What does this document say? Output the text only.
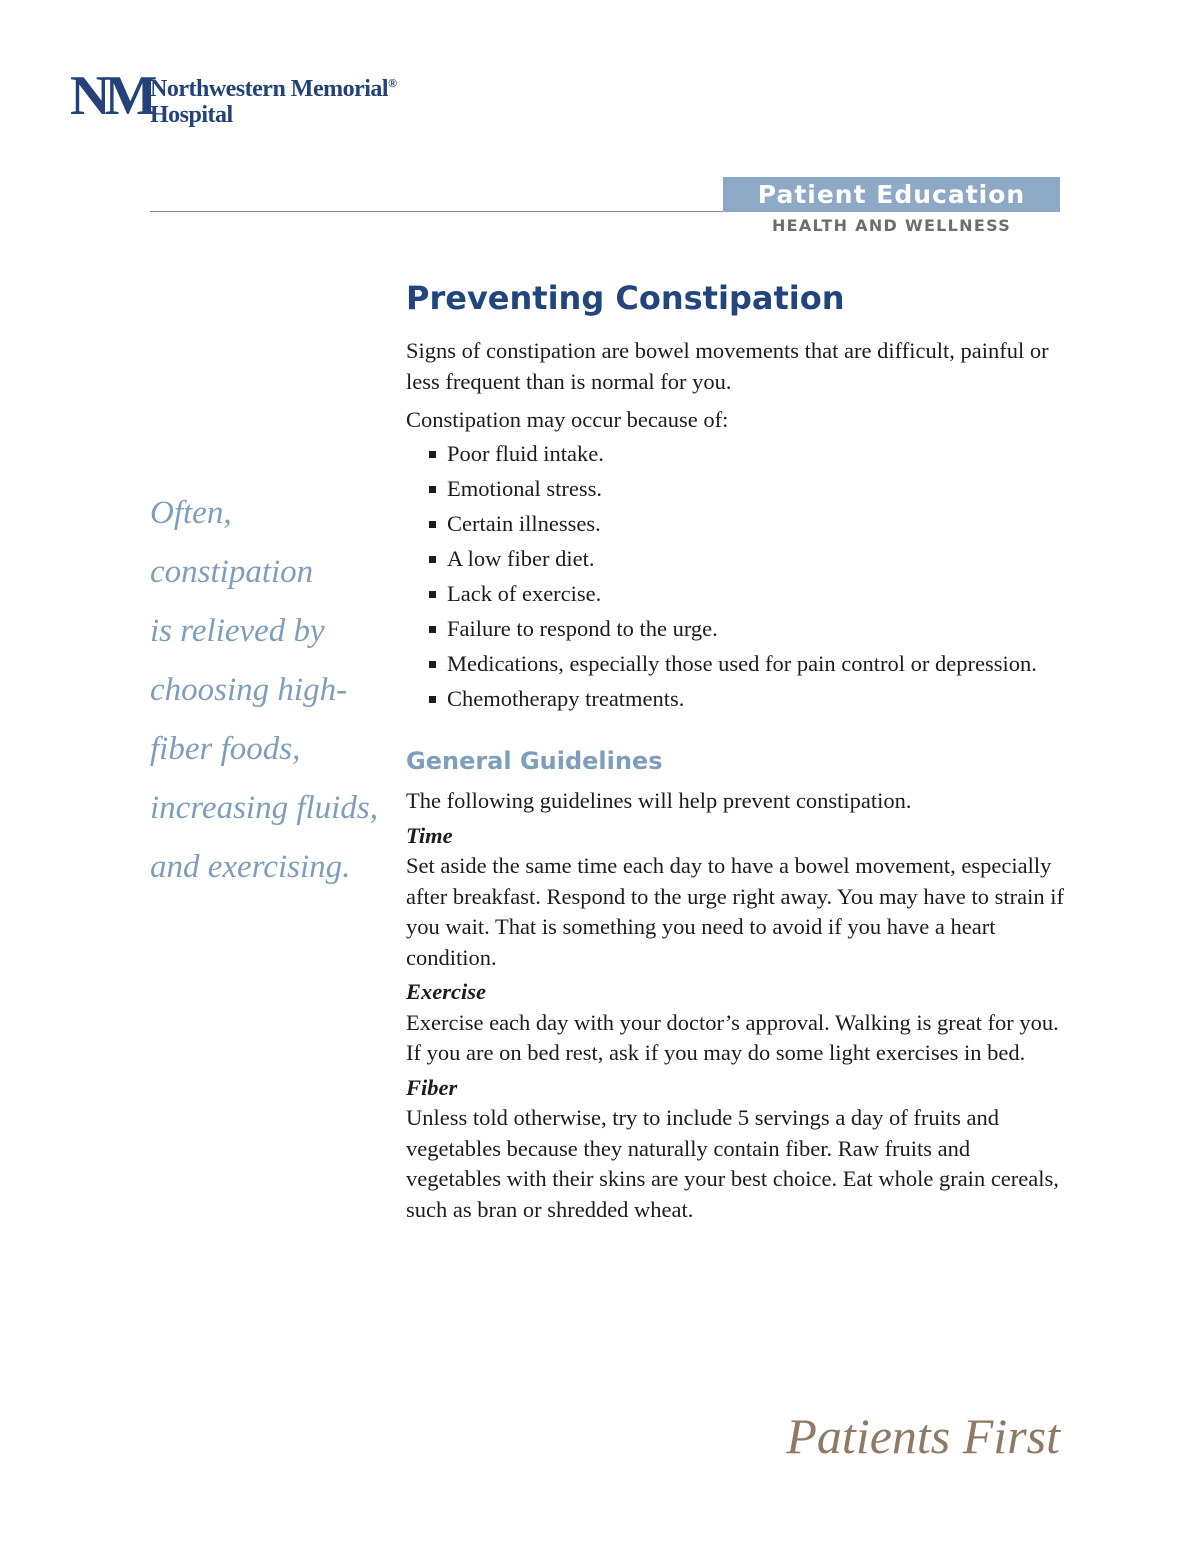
NM
Northwestern Memorial®
Hospital
Patient Education
HEALTH AND WELLNESS
Often,
constipation
is relieved by
choosing high-
fiber foods,
increasing fluids,
and exercising.
Preventing Constipation

Signs of constipation are bowel movements that are difficult, painful or less frequent than is normal for you.

Constipation may occur because of:

Poor fluid intake.
Emotional stress.
Certain illnesses.
A low fiber diet.
Lack of exercise.
Failure to respond to the urge.
Medications, especially those used for pain control or depression.
Chemotherapy treatments.
General Guidelines

The following guidelines will help prevent constipation.

Time

Set aside the same time each day to have a bowel movement, especially after breakfast. Respond to the urge right away. You may have to strain if you wait. That is something you need to avoid if you have a heart condition.

Exercise

Exercise each day with your doctor’s approval. Walking is great for you. If you are on bed rest, ask if you may do some light exercises in bed.

Fiber

Unless told otherwise, try to include 5 servings a day of fruits and vegetables because they naturally contain fiber. Raw fruits and vegetables with their skins are your best choice. Eat whole grain cereals, such as bran or shredded wheat.

Patients First
